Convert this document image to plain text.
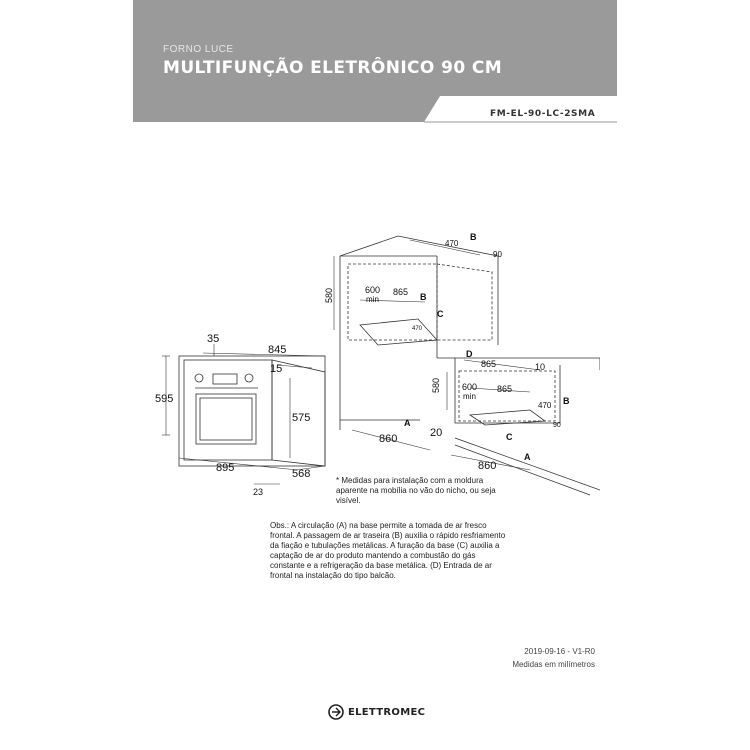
FORNO LUCE
MULTIFUNÇÃO ELETRÔNICO 90 CM
FM-EL-90-LC-2SMA
595
35
845
15
575
895	568
23
470
B
90
580	600
min
865 B
C
470
A
860	20
D
865	10
580 600
min
865
470 B
90
C
860
A
* Medidas para instalação com a moldura aparente na mobília no vão do nicho, ou seja visível.
Obs.: A circulação (A) na base permite a tomada de ar fresco frontal. A passagem de ar traseira (B) auxilia o rápido resfriamento da fiação e tubulações metálicas. A furação da base (C) auxilia a captação de ar do produto mantendo a combustão do gás constante e a refrigeração da base metálica. (D) Entrada de ar frontal na instalação do tipo balcão.
2019-09-16 - V1-R0
Medidas em milímetros
ELETTROMEC
